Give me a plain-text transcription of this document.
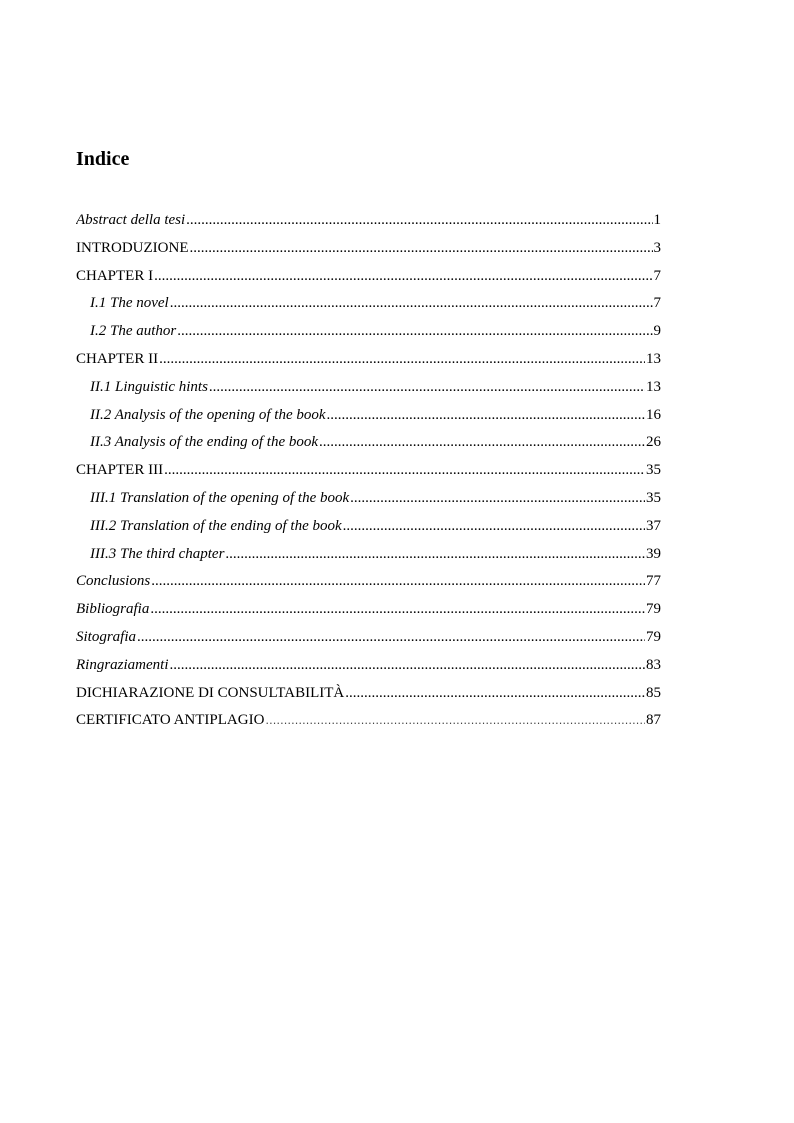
Indice
Abstract della tesi .....	1
INTRODUZIONE .....	3
CHAPTER I .....	7
I.1 The novel .....	7
I.2 The author .....	9
CHAPTER II .....	13
II.1 Linguistic hints .....	13
II.2 Analysis of the opening of the book .....	16
II.3 Analysis of the ending of the book .....	26
CHAPTER III .....	35
III.1 Translation of the opening of the book .....	35
III.2 Translation of the ending of the book .....	37
III.3 The third chapter .....	39
Conclusions .....	77
Bibliografia .....	79
Sitografia .....	79
Ringraziamenti .....	83
DICHIARAZIONE DI CONSULTABILITÀ .....	85
CERTIFICATO ANTIPLAGIO …………………………………………………………………………………………………………	87
